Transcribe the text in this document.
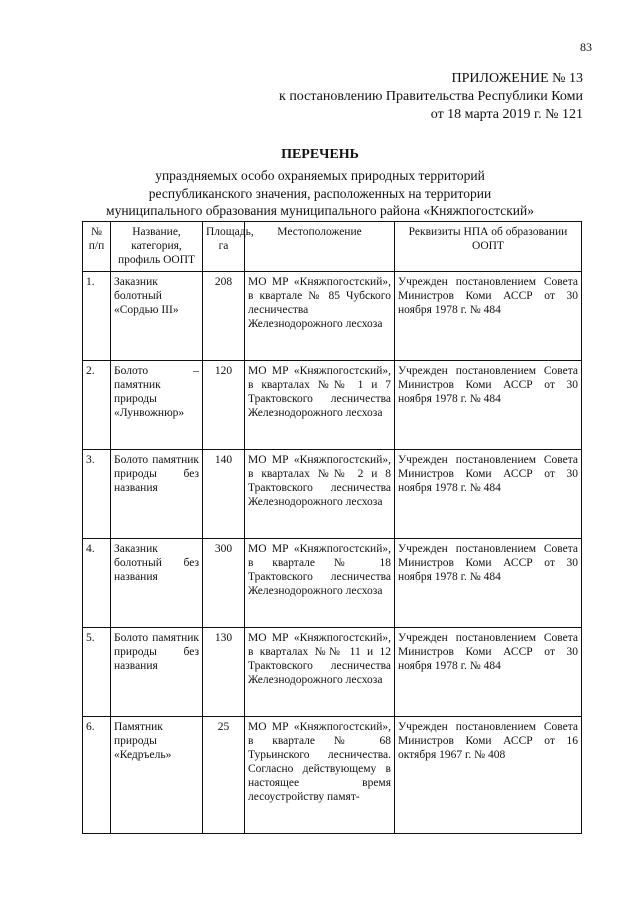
83
ПРИЛОЖЕНИЕ № 13
к постановлению Правительства Республики Коми
от 18 марта 2019 г. № 121
ПЕРЕЧЕНЬ
упраздняемых особо охраняемых природных территорий
республиканского значения, расположенных на территории
муниципального образования муниципального района «Княжпогостский»
№ п/п	Название, категория, профиль ООПТ	Площадь, га	Местоположение	Реквизиты НПА об образовании ООПТ
1.	Заказник болотный «Сордью III»	208	МО МР «Княжпогостский», в квартале № 85 Чубского лесничества Железнодорожного лесхоза	Учрежден постановлением Совета Министров Коми АССР от 30 ноября 1978 г. № 484
2.	Болото – памятник природы «Лунвожнюр»	120	МО МР «Княжпогостский», в кварталах №№ 1 и 7 Трактовского лесничества Железнодорожного лесхоза	Учрежден постановлением Совета Министров Коми АССР от 30 ноября 1978 г. № 484
3.	Болото памятник природы без названия	140	МО МР «Княжпогостский», в кварталах №№ 2 и 8 Трактовского лесничества Железнодорожного лесхоза	Учрежден постановлением Совета Министров Коми АССР от 30 ноября 1978 г. № 484
4.	Заказник болотный без названия	300	МО МР «Княжпогостский», в квартале № 18 Трактовского лесничества Железнодорожного лесхоза	Учрежден постановлением Совета Министров Коми АССР от 30 ноября 1978 г. № 484
5.	Болото памятник природы без названия	130	МО МР «Княжпогостский», в кварталах №№ 11 и 12 Трактовского лесничества Железнодорожного лесхоза	Учрежден постановлением Совета Министров Коми АССР от 30 ноября 1978 г. № 484
6.	Памятник природы «Кедръель»	25	МО МР «Княжпогостский», в квартале № 68 Турьинского лесничества. Согласно действующему в настоящее время лесоустройству памят-	Учрежден постановлением Совета Министров Коми АССР от 16 октября 1967 г. № 408
